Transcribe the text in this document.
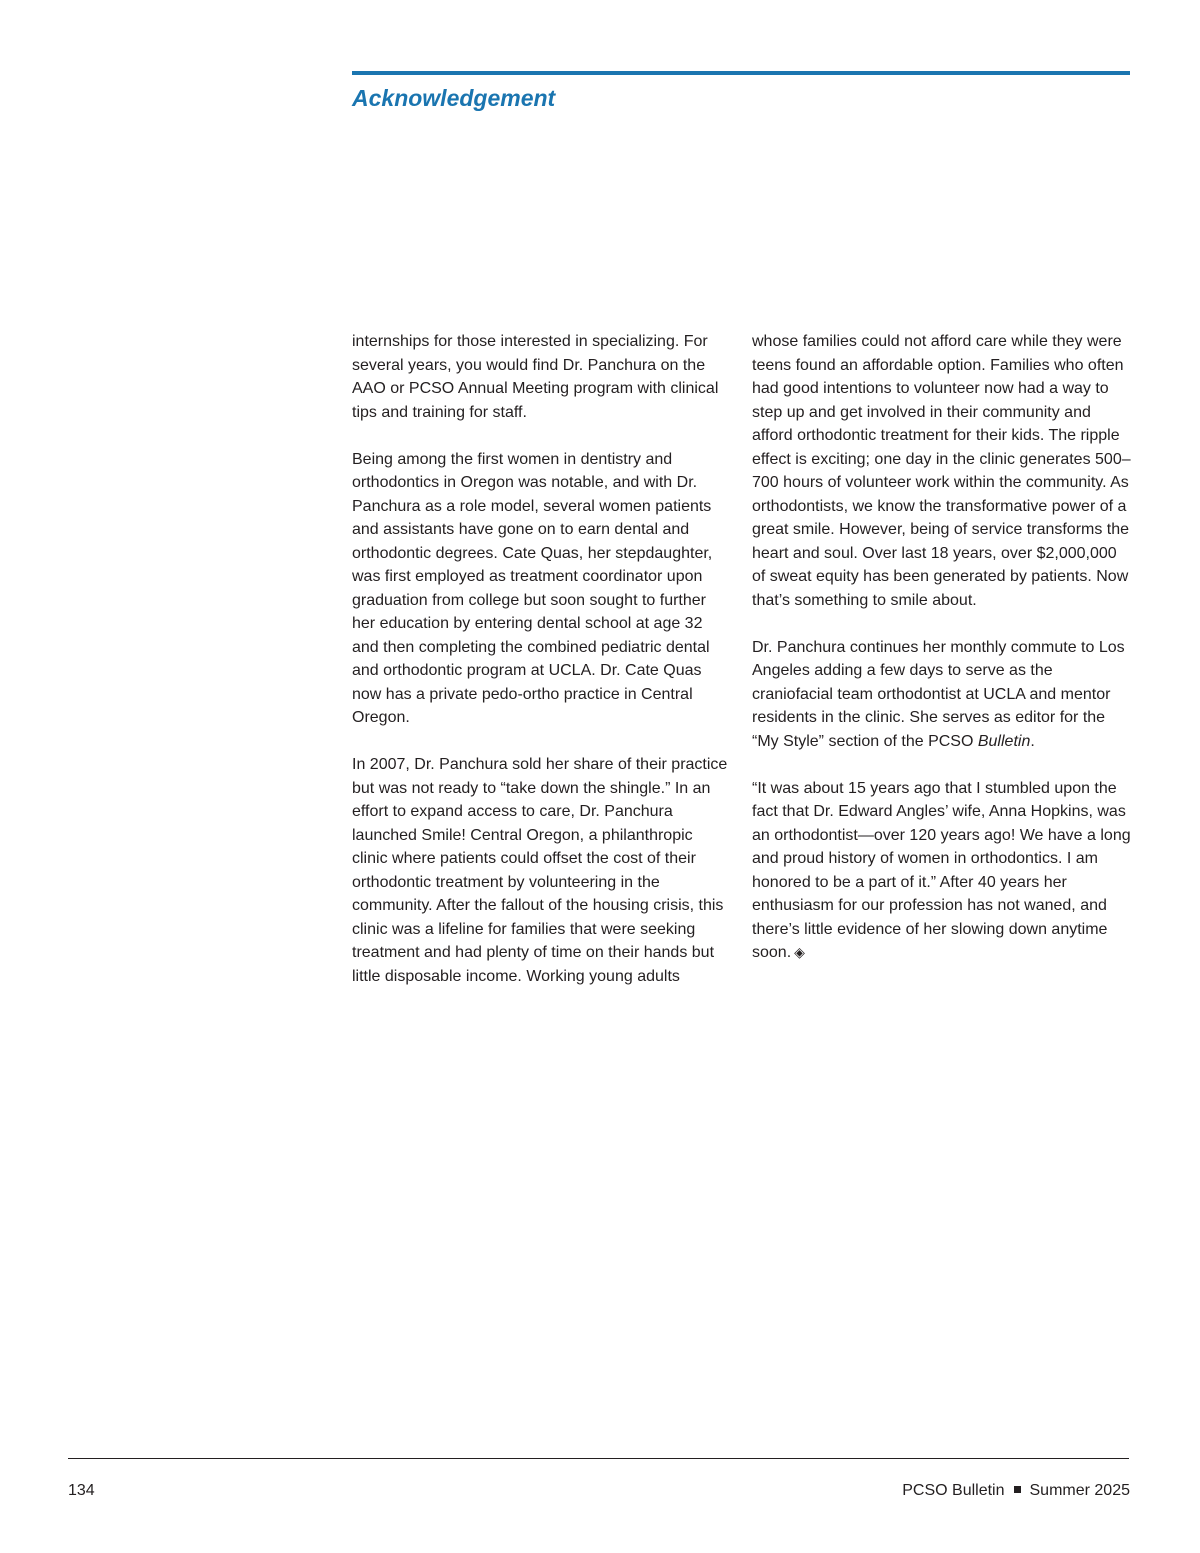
Acknowledgement

internships for those interested in specializing. For several years, you would find Dr. Panchura on the AAO or PCSO Annual Meeting program with clinical tips and training for staff.

Being among the first women in dentistry and orthodontics in Oregon was notable, and with Dr. Panchura as a role model, several women patients and assistants have gone on to earn dental and orthodontic degrees. Cate Quas, her stepdaughter, was first employed as treatment coordinator upon graduation from college but soon sought to further her education by entering dental school at age 32 and then completing the combined pediatric dental and orthodontic program at UCLA. Dr. Cate Quas now has a private pedo-ortho practice in Central Oregon.

In 2007, Dr. Panchura sold her share of their practice but was not ready to “take down the shingle.” In an effort to expand access to care, Dr. Panchura launched Smile! Central Oregon, a philanthropic clinic where patients could offset the cost of their orthodontic treatment by volunteering in the community. After the fallout of the housing crisis, this clinic was a lifeline for families that were seeking treatment and had plenty of time on their hands but little disposable income. Working young adults

whose families could not afford care while they were teens found an affordable option. Families who often had good intentions to volunteer now had a way to step up and get involved in their community and afford orthodontic treatment for their kids. The ripple effect is exciting; one day in the clinic generates 500–700 hours of volunteer work within the community. As orthodontists, we know the transformative power of a great smile. However, being of service transforms the heart and soul. Over last 18 years, over $2,000,000 of sweat equity has been generated by patients. Now that’s something to smile about.

Dr. Panchura continues her monthly commute to Los Angeles adding a few days to serve as the craniofacial team orthodontist at UCLA and mentor residents in the clinic. She serves as editor for the “My Style” section of the PCSO Bulletin.

“It was about 15 years ago that I stumbled upon the fact that Dr. Edward Angles’ wife, Anna Hopkins, was an orthodontist—over 120 years ago! We have a long and proud history of women in orthodontics. I am honored to be a part of it.” After 40 years her enthusiasm for our profession has not waned, and there’s little evidence of her slowing down anytime soon. ◈

134	PCSO Bulletin Summer 2025
